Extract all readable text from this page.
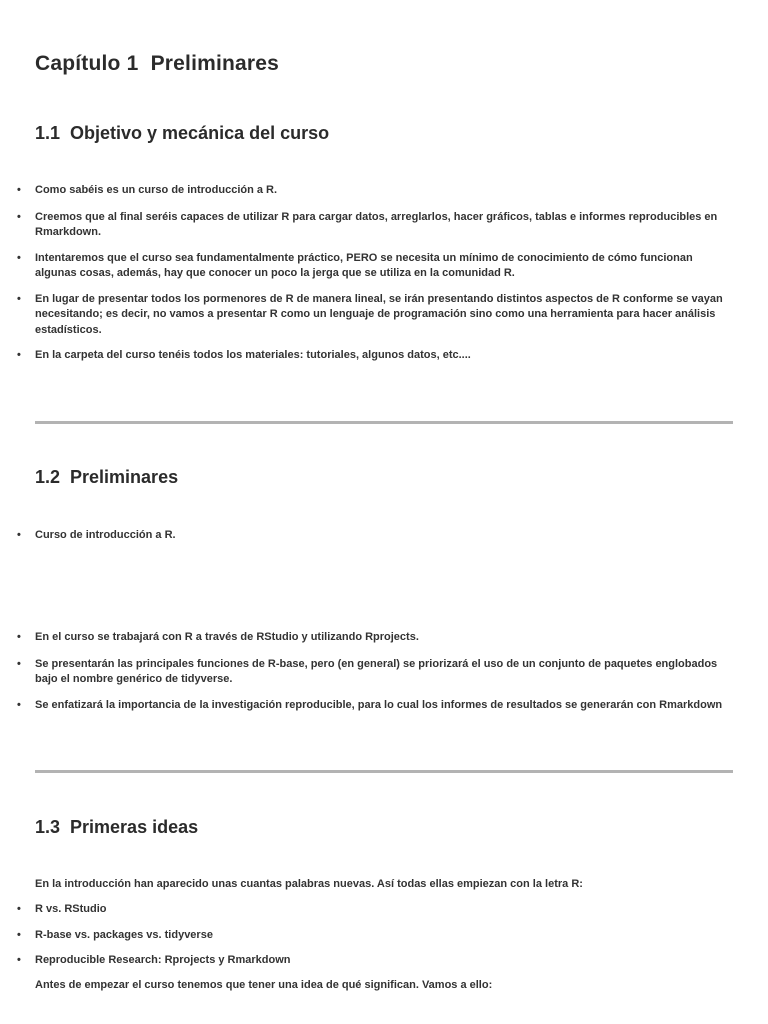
Capítulo 1  Preliminares
1.1  Objetivo y mecánica del curso
• Como sabéis es un curso de introducción a R.
• Creemos que al final seréis capaces de utilizar R para cargar datos, arreglarlos, hacer gráficos, tablas e informes reproducibles en Rmarkdown.
• Intentaremos que el curso sea fundamentalmente práctico, PERO se necesita un mínimo de conocimiento de cómo funcionan algunas cosas, además, hay que conocer un poco la jerga que se utiliza en la comunidad R.
• En lugar de presentar todos los pormenores de R de manera lineal, se irán presentando distintos aspectos de R conforme se vayan necesitando; es decir, no vamos a presentar R como un lenguaje de programación sino como una herramienta para hacer análisis estadísticos.
• En la carpeta del curso tenéis todos los materiales: tutoriales, algunos datos, etc....
1.2  Preliminares
• Curso de introducción a R.
• En el curso se trabajará con R a través de RStudio y utilizando Rprojects.
• Se presentarán las principales funciones de R-base, pero (en general) se priorizará el uso de un conjunto de paquetes englobados bajo el nombre genérico de tidyverse.
• Se enfatizará la importancia de la investigación reproducible, para lo cual los informes de resultados se generarán con Rmarkdown
1.3  Primeras ideas

En la introducción han aparecido unas cuantas palabras nuevas. Así todas ellas empiezan con la letra R:

• R vs. RStudio
• R-base vs. packages vs. tidyverse
• Reproducible Research: Rprojects y Rmarkdown

Antes de empezar el curso tenemos que tener una idea de qué significan. Vamos a ello:
